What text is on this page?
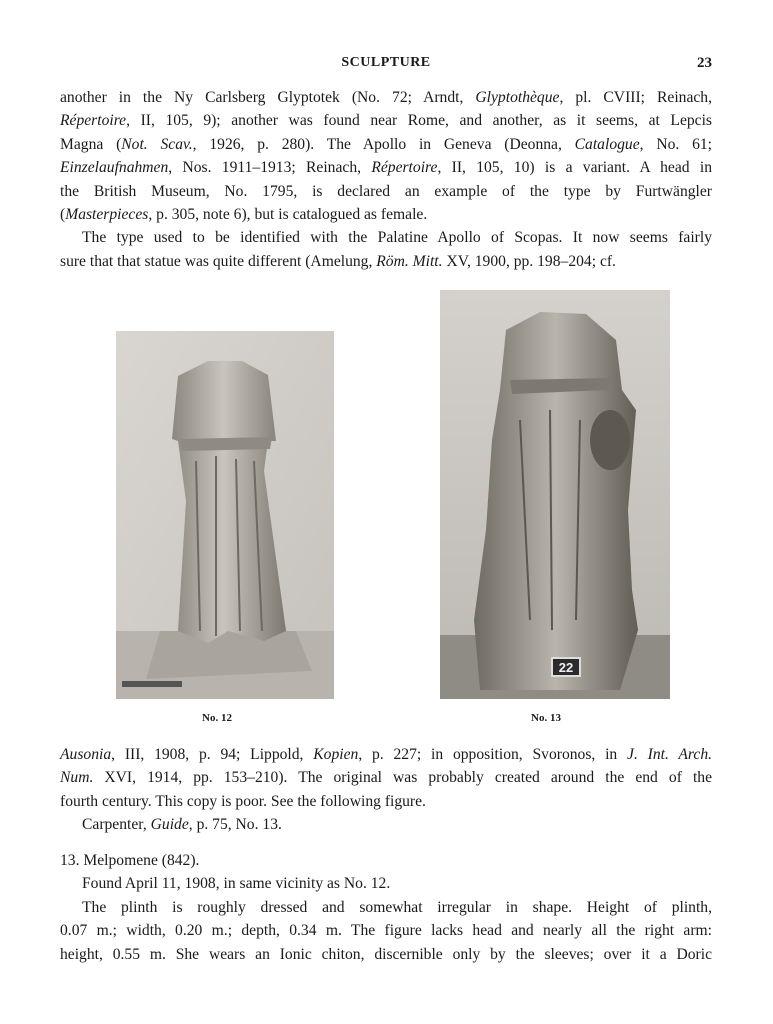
SCULPTURE	23
another in the Ny Carlsberg Glyptotek (No. 72; Arndt, Glyptothèque, pl. CVIII; Reinach,
Répertoire, II, 105, 9); another was found near Rome, and another, as it seems, at Lepcis
Magna (Not. Scav., 1926, p. 280). The Apollo in Geneva (Deonna, Catalogue, No. 61;
Einzelaufnahmen, Nos. 1911–1913; Reinach, Répertoire, II, 105, 10) is a variant. A head in
the British Museum, No. 1795, is declared an example of the type by Furtwängler
(Masterpieces, p. 305, note 6), but is catalogued as female.
The type used to be identified with the Palatine Apollo of Scopas. It now seems fairly
sure that that statue was quite different (Amelung, Röm. Mitt. XV, 1900, pp. 198–204; cf.
No. 12
22
No. 13
Ausonia, III, 1908, p. 94; Lippold, Kopien, p. 227; in opposition, Svoronos, in J. Int. Arch.
Num. XVI, 1914, pp. 153–210). The original was probably created around the end of the
fourth century. This copy is poor. See the following figure.
Carpenter, Guide, p. 75, No. 13.
13. Melpomene (842).
Found April 11, 1908, in same vicinity as No. 12.
The plinth is roughly dressed and somewhat irregular in shape. Height of plinth,
0.07 m.; width, 0.20 m.; depth, 0.34 m. The figure lacks head and nearly all the right arm:
height, 0.55 m. She wears an Ionic chiton, discernible only by the sleeves; over it a Doric
